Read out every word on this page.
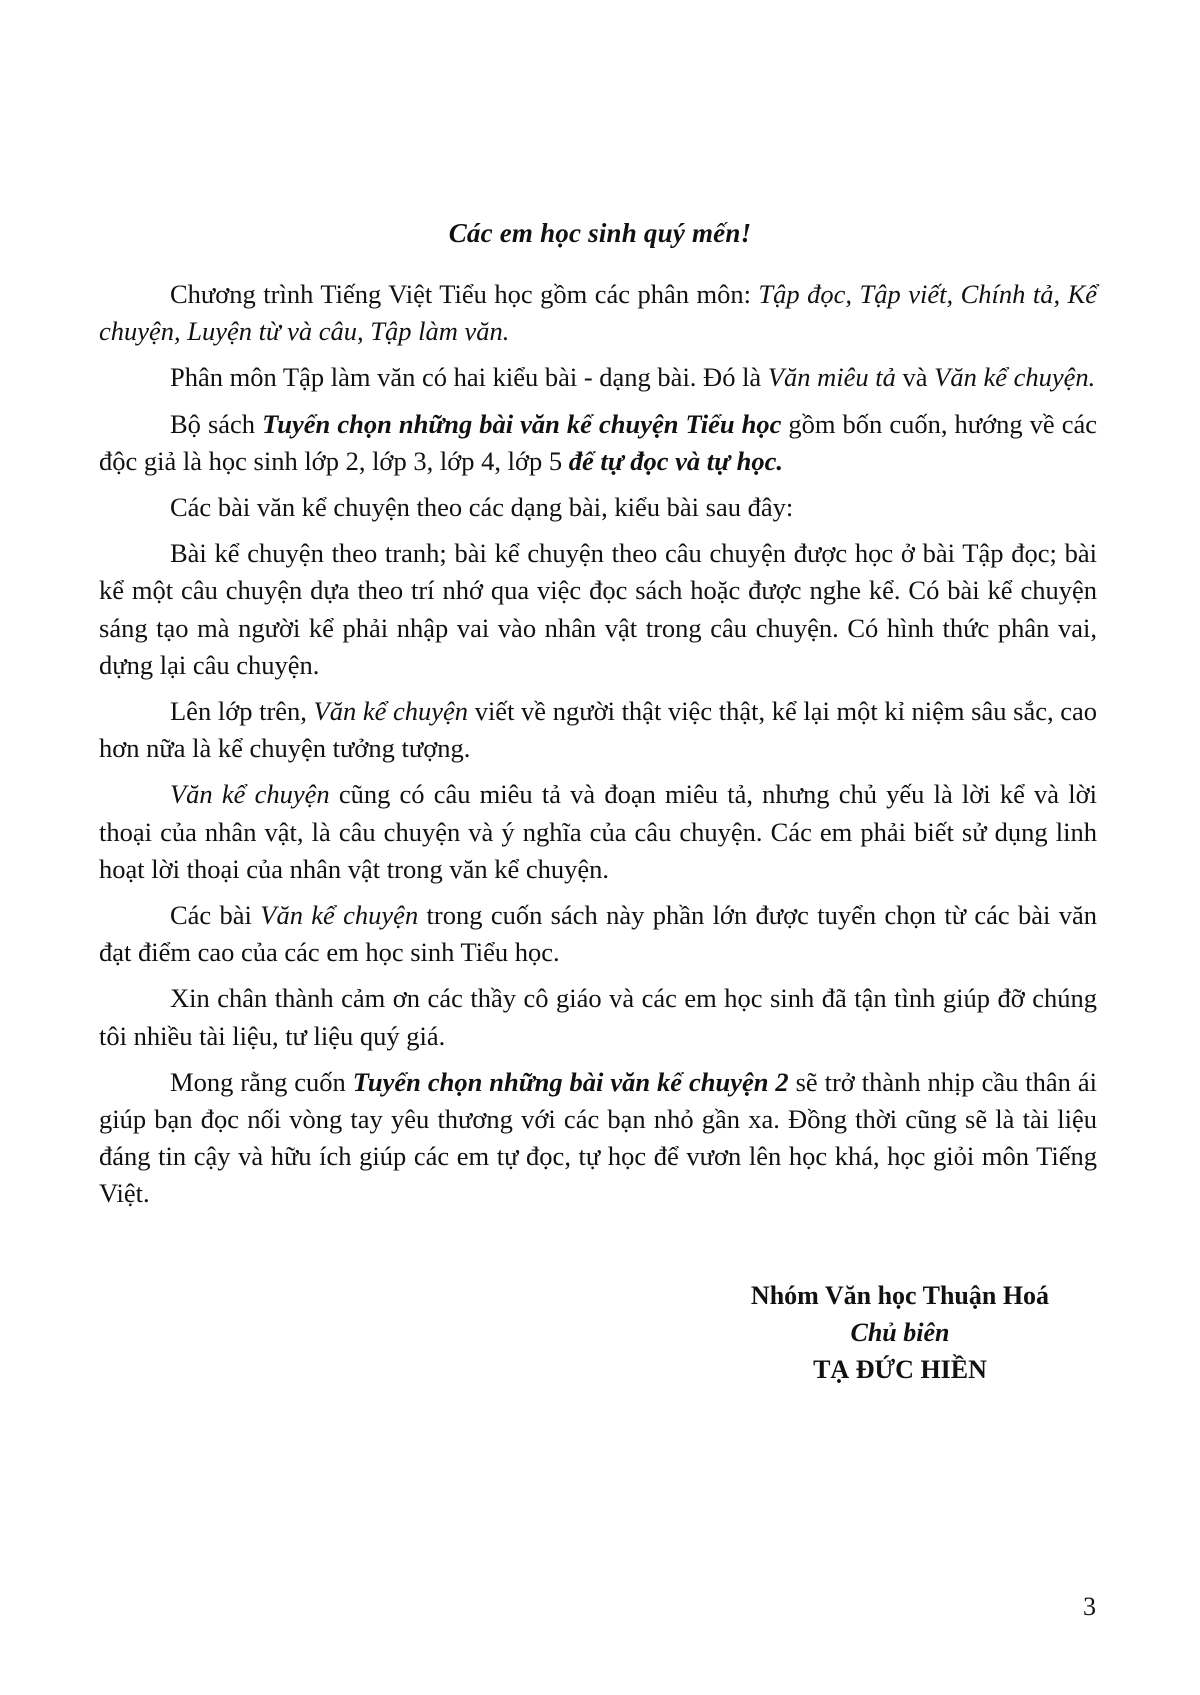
Các em học sinh quý mến!

Chương trình Tiếng Việt Tiểu học gồm các phân môn: Tập đọc, Tập viết, Chính tả, Kể chuyện, Luyện từ và câu, Tập làm văn.

Phân môn Tập làm văn có hai kiểu bài - dạng bài. Đó là Văn miêu tả và Văn kể chuyện.

Bộ sách Tuyển chọn những bài văn kể chuyện Tiểu học gồm bốn cuốn, hướng về các độc giả là học sinh lớp 2, lớp 3, lớp 4, lớp 5 để tự đọc và tự học.

Các bài văn kể chuyện theo các dạng bài, kiểu bài sau đây:

Bài kể chuyện theo tranh; bài kể chuyện theo câu chuyện được học ở bài Tập đọc; bài kể một câu chuyện dựa theo trí nhớ qua việc đọc sách hoặc được nghe kể. Có bài kể chuyện sáng tạo mà người kể phải nhập vai vào nhân vật trong câu chuyện. Có hình thức phân vai, dựng lại câu chuyện.

Lên lớp trên, Văn kể chuyện viết về người thật việc thật, kể lại một kỉ niệm sâu sắc, cao hơn nữa là kể chuyện tưởng tượng.

Văn kể chuyện cũng có câu miêu tả và đoạn miêu tả, nhưng chủ yếu là lời kể và lời thoại của nhân vật, là câu chuyện và ý nghĩa của câu chuyện. Các em phải biết sử dụng linh hoạt lời thoại của nhân vật trong văn kể chuyện.

Các bài Văn kể chuyện trong cuốn sách này phần lớn được tuyển chọn từ các bài văn đạt điểm cao của các em học sinh Tiểu học.

Xin chân thành cảm ơn các thầy cô giáo và các em học sinh đã tận tình giúp đỡ chúng tôi nhiều tài liệu, tư liệu quý giá.

Mong rằng cuốn Tuyển chọn những bài văn kể chuyện 2 sẽ trở thành nhịp cầu thân ái giúp bạn đọc nối vòng tay yêu thương với các bạn nhỏ gần xa. Đồng thời cũng sẽ là tài liệu đáng tin cậy và hữu ích giúp các em tự đọc, tự học để vươn lên học khá, học giỏi môn Tiếng Việt.

Nhóm Văn học Thuận Hoá
Chủ biên
TẠ ĐỨC HIỀN
3
